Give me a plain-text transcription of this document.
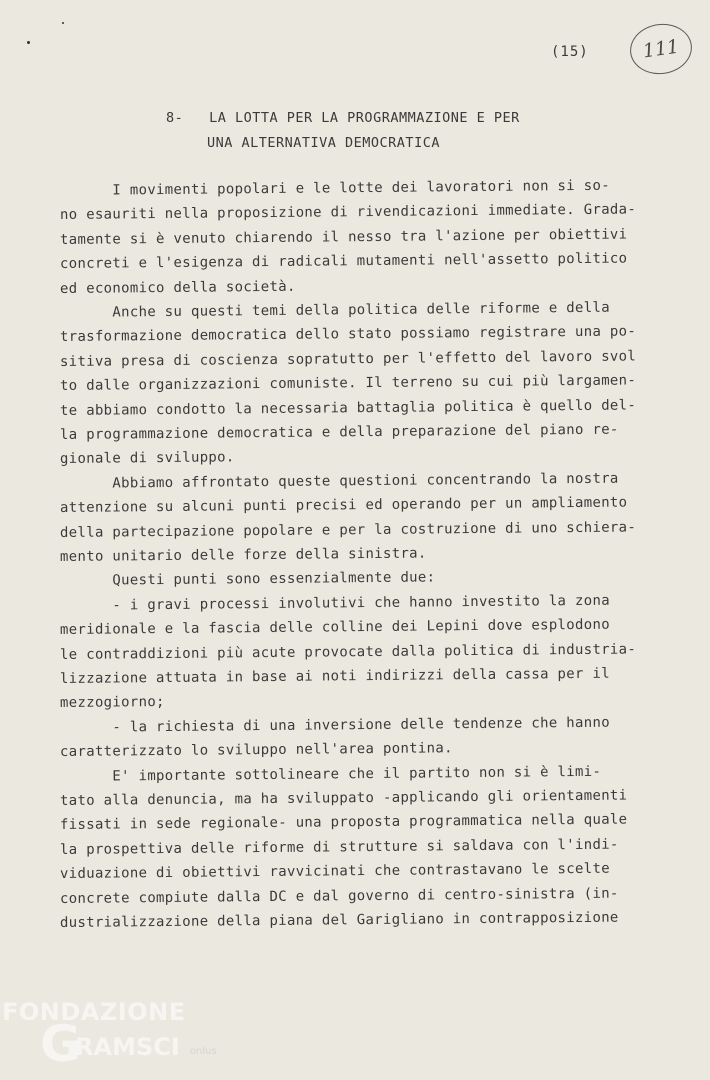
(15)	111
8-   LA LOTTA PER LA PROGRAMMAZIONE E PER
UNA ALTERNATIVA DEMOCRATICA
I movimenti popolari e le lotte dei lavoratori non si so-
no esauriti nella proposizione di rivendicazioni immediate. Grada-
tamente si è venuto chiarendo il nesso tra l'azione per obiettivi
concreti e l'esigenza di radicali mutamenti nell'assetto politico
ed economico della società.
Anche su questi temi della politica delle riforme e della
trasformazione democratica dello stato possiamo registrare una po-
sitiva presa di coscienza sopratutto per l'effetto del lavoro svol
to dalle organizzazioni comuniste. Il terreno su cui più largamen-
te abbiamo condotto la necessaria battaglia politica è quello del-
la programmazione democratica e della preparazione del piano re-
gionale di sviluppo.
Abbiamo affrontato queste questioni concentrando la nostra
attenzione su alcuni punti precisi ed operando per un ampliamento
della partecipazione popolare e per la costruzione di uno schiera-
mento unitario delle forze della sinistra.
Questi punti sono essenzialmente due:
- i gravi processi involutivi che hanno investito la zona
meridionale e la fascia delle colline dei Lepini dove esplodono
le contraddizioni più acute provocate dalla politica di industria-
lizzazione attuata in base ai noti indirizzi della cassa per il
mezzogiorno;
- la richiesta di una inversione delle tendenze che hanno
caratterizzato lo sviluppo nell'area pontina.
E' importante sottolineare che il partito non si è limi-
tato alla denuncia, ma ha sviluppato -applicando gli orientamenti
fissati in sede regionale- una proposta programmatica nella quale
la prospettiva delle riforme di strutture si saldava con l'indi-
viduazione di obiettivi ravvicinati che contrastavano le scelte
concrete compiute dalla DC e dal governo di centro-sinistra (in-
dustrializzazione della piana del Garigliano in contrapposizione
FONDAZIONE
G
RAMSCI onlus
